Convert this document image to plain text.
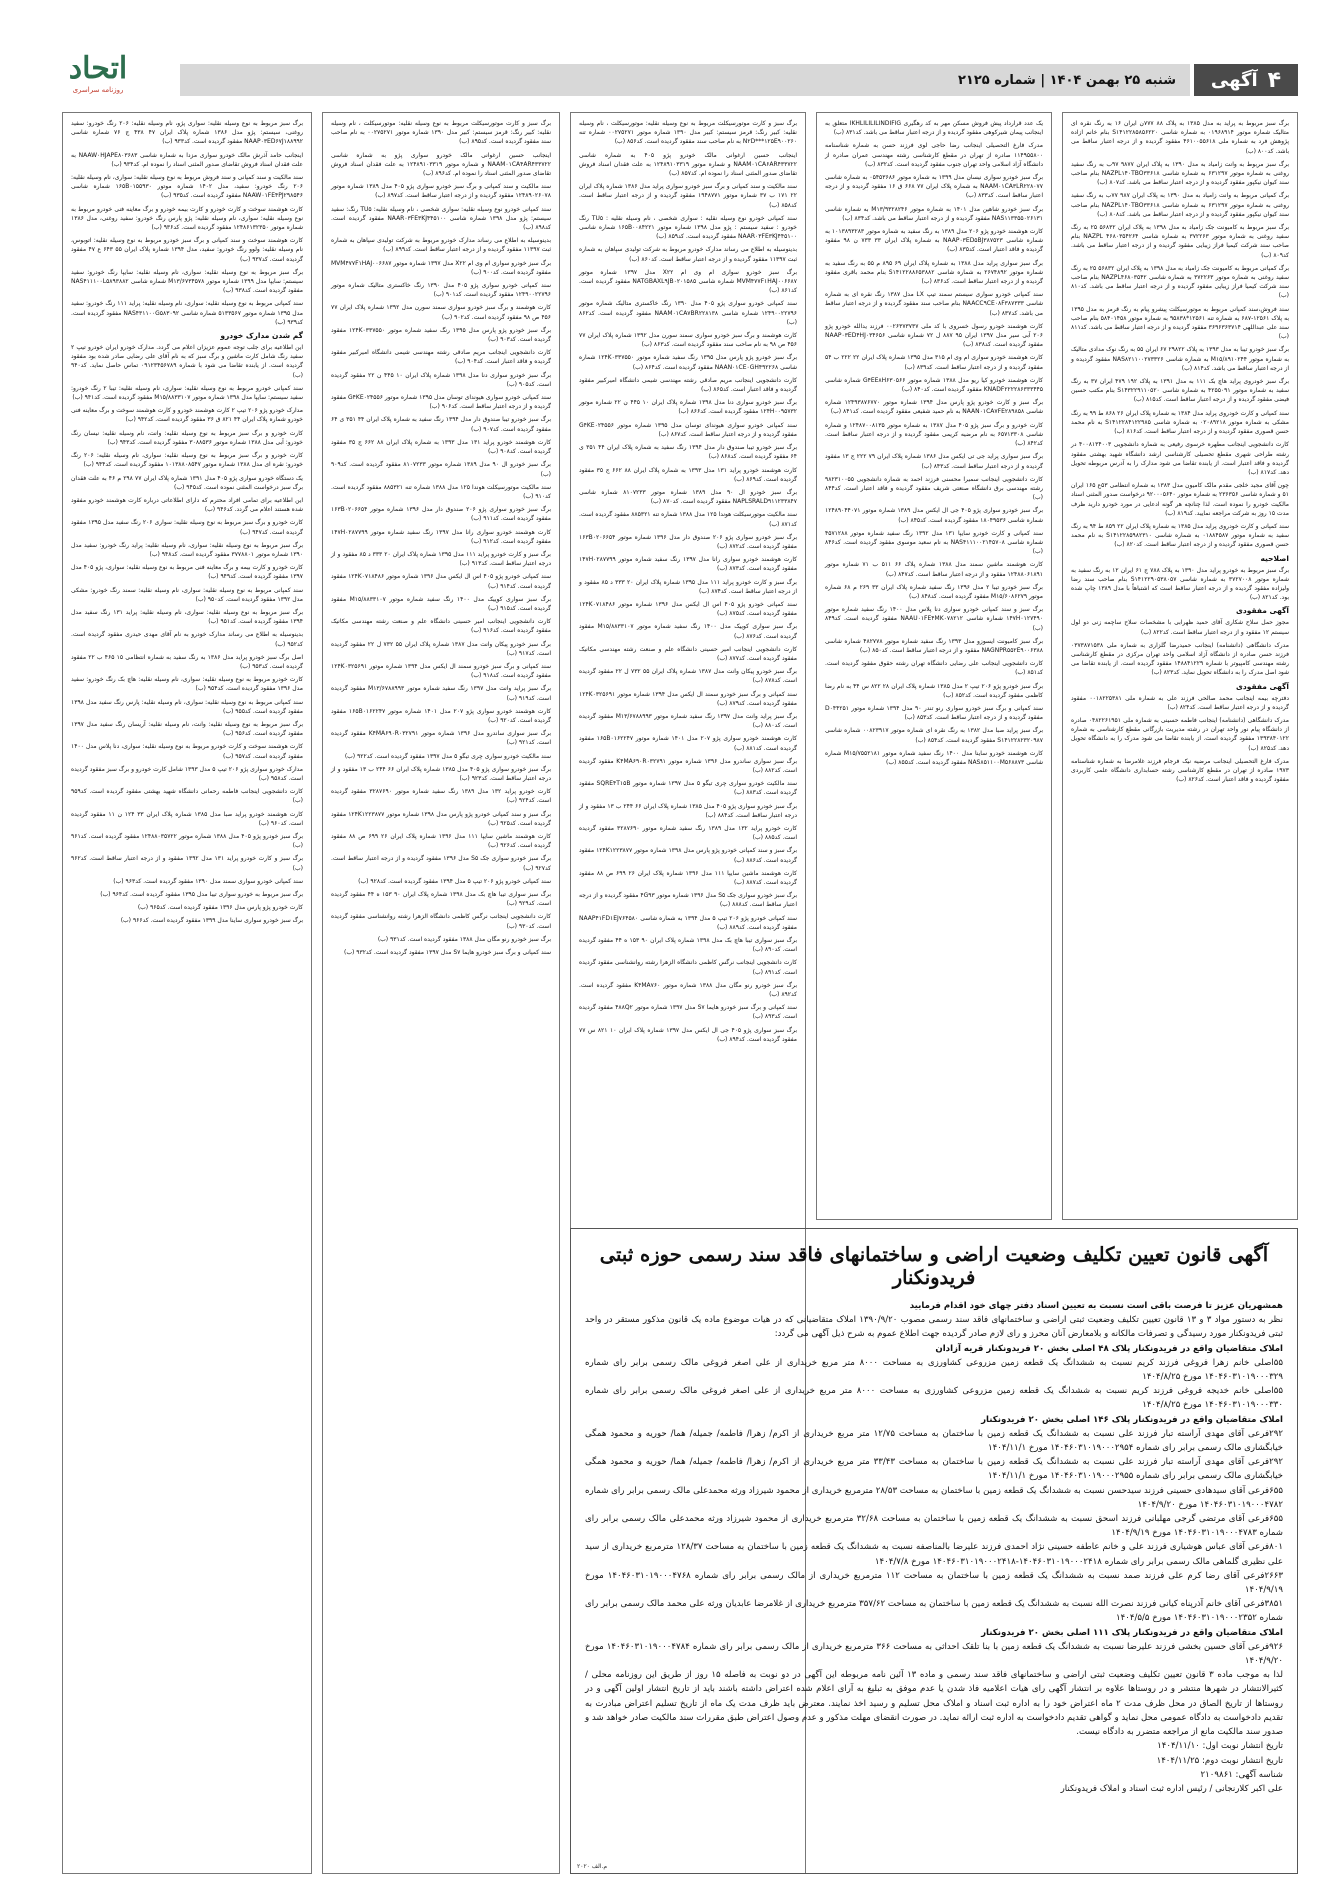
۴
آگهی
شنبه ۲۵ بهمن ۱۴۰۴ | شماره ۲۱۲۵
اتحاد
روزنامه سراسری

برگ سبز مربوط به پراید به مدل ۱۳۸۵ به پلاک ۸۸ ۷۷۷ن ایران ۱۶ به رنگ نقره ای متالیک شماره موتور ۰۱۹۶۸۹۱۴ به شماره شاسی S۱۴۱۲۲۸۵۸۵۶۲۲۰ بنام خانم ازاده پژوهش فرد به شماره ملی ۴۶۱۰۰۵۵۶۱۸ مفقود گردیده و از درجه اعتبار ساقط می باشد. کد۸۰۰ (ب)

برگ سبز مربوط به وانت زامیاد به مدل ۱۳۹۰ به پلاک ایران ۹۸۷۷ ۹۷ب به رنگ سفید روغنی به شماره موتور ۶۳۱۲۹۷ به شماره شاسی NAZPL۱۴۰TBO۳۳۶۱۸ بنام صاحب سند کیوان نیکپور مفقود گردیده و از درجه اعتبار ساقط می باشد. کد۸۰۷ (ب)

برگ کمپانی مربوط به وانت زامیاد به مدل ۱۳۹۰ به پلاک ایران ۹۸۷ ۷۷ب به رنگ سفید روغنی به شماره موتور ۶۳۱۲۹۷ به شماره شاسی NAZPL۱۴۰TBO۳۳۶۱۸ بنام صاحب سند کیوان نیکپور مفقود گردیده و از درجه اعتبار ساقط می باشد. کد۸۰۸ (ب)

برگ سبز مربوط به کامیونت جک زامیاد به مدل ۱۳۹۸ به پلاک ایران ۵۶۸۳۲ ۲۵ به رنگ سفید روغنی به شماره موتور ۳۷۲۲۶۳ به شماره شاسی ۴۶۸۰۳۵۴۲۶۴ NAZPL بنام صاحب سند شرکت کیمیا فراز زیبایی مفقود گردیده و از درجه اعتبار ساقط می باشد. کد۸۰۹ (ب)

برگ کمپانی مربوط به کامیونت جک زامیاد به مدل ۱۳۹۸ به پلاک ایران ۵۶۸۳۲ ۲۵ به رنگ سفید روغنی به شماره موتور ۳۷۲۲۶۳ به شماره شاسی NAZPL۴۶۸۰۳۵۴۲ بنام صاحب سند شرکت کیمیا فراز زیبایی مفقود گردیده و از درجه اعتبار ساقط می باشد. کد۸۱۰ (ب)

سند فروش،سند کمپانی مربوط به موتورسیکلت پیشرو پیام به رنگ قرمز به مدل ۱۳۹۵ به پلاک ۱۲۵۶۱-۶۸۷ به شماره تنه ۱۲۵۶۱*۹۵۸۳۸ به شماره موتور ۵۸۴۰۱۴۵۸ بنام صاحب سند علی عبداللهی ۳۶۹۶۳۶۳۷۱۴ مفقود گردیده و از درجه اعتبار ساقط می باشد. کد۸۱۱ (ب)

برگ سبز خودرو تیبا به مدل ۱۳۹۳ به پلاک ۲۹۸۲۲ ۶۷ ایران ۵۵ به رنگ نوک مدادی متالیک به شماره موتور M۱۵/۸۹۱۰۲۴۴ به شماره شاسی NAS۸۲۱۱۰۰۲۷۳۳۲۶ مفقود گردیده و از درجه اعتبار ساقط می باشد. کد۸۱۴ (ب)

برگ سبز خودروی پراید هاچ بک ۱۱۱ به مدل ۱۳۹۱ به پلاک ۱۹۲ ۴۷۹ ایران ۳۷ به رنگ سفید به شماره موتور ۴۲۵۵۰۹۱ به شماره شاسی S۱۴۳۲۲۹۱۱۰۵۲۰ بنام مکتب حسین فیضی مفقود گردیده و از درجه اعتبار ساقط است. کد۸۱۵ (ب)

سند کمپانی و کارت خودروی پراید مدل ۱۳۸۴ به شماره پلاک ایران ۲۶ ۸۶۸ ط ۹۹ به رنگ مشکی به شماره موتور ۰۲۰۸۹۲۱۸ به شماره شاسی S۱۴۱۲۲۸۴۱۲۲۹۸۵ به نام محمد حسن قصوری مفقود گردیده و از درجه اعتبار ساقط است. کد۸۱۶ (ب)

کارت دانشجویی اینجانب مطهره خرسوی رفیعی به شماره دانشجویی ۴۰۰۸۱۳۴۰۰۳ در رشته طراحی شهری مقطع تحصیلی کارشناسی ارشد دانشگاه شهید بهشتی مفقود گردیده و فاقد اعتبار است. از یابنده تقاضا می شود مدارک را به آدرس مربوطه تحویل دهد. کد۸۱۷ (ب)

چون آقای مجید خلجی مقدم مالک کامیون مدل ۱۳۸۳ به شماره انتظامی ۵۳ع ۱۶۵ ایران ۵۱ و شماره شاسی ۲۳۶۳۵۶ به شماره موتور ۹۲۰۰۰۵۶۴۰ درخواست صدور المثنی اسناد مالکیت خودرو را نموده است. لذا چنانچه هر گونه ادعایی در مورد خودرو دارید ظرف مدت ۱۵ روز به شرکت مراجعه نمایید. کد۸۱۹ (ب)

سند کمپانی و کارت خودروی پراید مدل ۱۳۸۵ به شماره پلاک ایران ۲۲ ۸۵۹ ط ۹۴ به رنگ سفید به شماره موتور ۰۱۸۸۴۵۸۷ به شماره شاسی S۱۴۱۲۲۸۵۹۸۲۳۱۰ به نام محمد حسن قصوری مفقود گردیده و از درجه اعتبار ساقط است. کد۸۲۰ (ب)

اصلاحیه

برگ سبز مربوط به خودرو پراید مدل ۱۳۹۰ به پلاک ۷۸۸ ج ۶۱ ایران ۱۲ به رنگ سفید به شماره موتور ۳۷۲۷۰۰۸ به شماره شاسی S۱۴۱۲۲۹۰۵۳۸۰۵۷ بنام صاحب سند رضا ولیزاده مفقود گردیده و از درجه اعتبار ساقط است که اشتباهاً با مدل ۱۳۸۹ چاپ شده بود. کد۸۲۱ (ب)

آگهی مفقودی

مجوز حمل سلاح شکاری آقای حمید ظهرابی با مشخصات سلاح ساچمه زنی دو لول سیستم ۱۲ مفقود و از درجه اعتبار ساقط است. کد۸۲۲ (ب)

مدرک دانشگاهی (دانشنامه) اینجانب حمیدرضا گلزاری به شماره ملی ۰۳۷۳۸۷۱۵۳۸ فرزند حسن صادره از دانشگاه آزاد اسلامی واحد تهران مرکزی در مقطع کارشناسی رشته مهندسی کامپیوتر با شماره ۱۴۸۸۴۱۲۲۹ مفقود گردیده است. از یابنده تقاضا می شود اصل مدرک را به دانشگاه تحویل نماید. کد۸۲۳ (ب)

آگهی مفقودی

دفترچه بیمه اینجانب محمد صالحی فرزند علی به شماره ملی ۰۰۱۸۲۲۵۳۸۱ مفقود گردیده و از درجه اعتبار ساقط است. کد۸۲۴ (ب)

مدرک دانشگاهی (دانشنامه) اینجانب فاطمه حسینی به شماره ملی ۰۴۸۲۲۶۱۹۵۱ صادره از دانشگاه پیام نور واحد تهران در رشته مدیریت بازرگانی مقطع کارشناسی به شماره ۱۳۹۳۸۴۰۱۲۲ مفقود گردیده است. از یابنده تقاضا می شود مدرک را به دانشگاه تحویل دهد. کد۸۲۵ (ب)

مدرک فارغ التحصیلی اینجانب مرضیه نیک فرجام فرزند غلامرضا به شماره شناسنامه ۱۹۷۳ صادره از تهران در مقطع کارشناسی رشته حسابداری دانشگاه علمی کاربردی مفقود گردیده و فاقد اعتبار است. کد۸۲۶ (ب)

یک عدد قرارداد پیش فروش مسکن مهر به کد رهگیری IKHLILILILINDIFIG متعلق به اینجانب پیمان شیرکوهی مفقود گردیده و از درجه اعتبار ساقط می باشد. کد۸۳۱ (ب)

مدرک فارغ التحصیلی اینجانب رضا حاجی لوی فرزند حسن به شماره شناسنامه ۱۱۴۹۵۵۸۰۰ صادره از تهران در مقطع کارشناسی رشته مهندسی عمران صادره از دانشگاه آزاد اسلامی واحد تهران جنوب مفقود گردیده است. کد۸۳۲ (ب)

برگ سبز خودرو سواری نیسان مدل ۱۳۹۹ به شماره موتور ۰۵۴۵۳۶۸۶ به شماره شاسی NAAM۰۱CA۳LR۲۲۸۰۷۷ به شماره پلاک ایران ۷۷ ۶۶۸ ق ۱۶ مفقود گردیده و از درجه اعتبار ساقط است. کد۸۳۳ (ب)

برگ سبز خودرو شاهین مدل ۱۴۰۱ به شماره موتور M۱۳/۹۳۲۸۲۴۶ به شماره شاسی NAS۱۱۳۳۵۵۰۲۶۱۳۱ مفقود گردیده و از درجه اعتبار ساقط می باشد. کد۸۳۴ (ب)

کارت هوشمند خودرو پژو ۲۰۶ مدل ۱۳۸۹ به رنگ سفید به شماره موتور ۱۰۱۳۸۹۳۲۸۳ به شماره شاسی NAAP۰۳ED۵BJ۳۸۷۵۲۳ به شماره پلاک ایران ۳۳ ۷۳۳ ن ۹۸ مفقود گردیده و فاقد اعتبار است. کد۸۳۵ (ب)

برگ سبز سواری پراید مدل ۱۳۸۸ به شماره پلاک ایران ۶۹ ۸۹۵ م ۵۵ به رنگ سفید به شماره موتور ۲۶۷۴۸۹۲ به شماره شاسی S۱۴۱۲۲۸۸۶۵۳۸۸۲ بنام محمد باقری مفقود گردیده و از درجه اعتبار ساقط است. کد۸۳۶ (ب)

سند کمپانی خودرو سواری سیستم سمند تیپ LX مدل ۱۳۸۷ رنگ نقره ای به شماره شاسی NAACC۹CE۰۸F۳۸۷۳۳۳ بنام صاحب سند مفقود گردیده و از درجه اعتبار ساقط می باشد. کد۸۳۷ (ب)

کارت هوشمند خودرو رسول خسروی با کد ملی ۰۰۲۶۳۷۳۷۳۷ فرزند یدالله خودرو پژو ۲۰۶ آبی سیر مدل ۱۳۹۷ ایران ۹۵ ۸۸۷ ل ۷۲ شماره شاسی NAAP۰۳ED۴HJ۰۳۴۶۵۶ مفقود گردیده است. کد۸۳۸ (ب)

کارت هوشمند خودرو سواری ام وی ام ۳۱۵ مدل ۱۳۹۵ شماره پلاک ایران ۲۲ ۲۲۲ ب ۵۴ مفقود گردیده و از درجه اعتبار ساقط است. کد۸۳۹ (ب)

کارت هوشمند خودرو کیا ریو مدل ۱۳۸۸ شماره موتور G۴EE۸H۶۳۰۵۶۶ شماره شاسی KNADF۲۲۲۲۸۶۳۳۳۴۴۵ مفقود گردیده است. کد۸۴۰ (ب)

برگ سبز و کارت خودرو پژو پارس مدل ۱۳۹۴ شماره موتور ۱۲۴۹۳۸۷۶۷۷۰ شماره شاسی NAAN۰۱CA۷FE۲۸۹۸۵۸ به نام حمید شفیعی مفقود گردیده است. کد۸۴۱ (ب)

کارت خودرو و برگ سبز پژو ۴۰۵ مدل ۱۳۸۷ به شماره موتور ۱۲۴۸۷۰۰۸۱۳۵ و شماره شاسی ۶۵۷۱۳۳۰۸ به نام مرضیه کریمی مفقود گردیده و از درجه اعتبار ساقط است. کد۸۴۲ (ب)

برگ سبز سواری پراید جی تی ایکس مدل ۱۳۸۶ شماره پلاک ایران ۷۹ ۲۲۲ ج ۱۳ مفقود گردیده و از درجه اعتبار ساقط است. کد۸۴۳ (ب)

کارت دانشجویی اینجانب سمیرا محسنی فرزند احمد به شماره دانشجویی ۹۸۲۳۱۰۰۵۵ رشته مهندسی برق دانشگاه صنعتی شریف مفقود گردیده و فاقد اعتبار است. کد۸۴۴ (ب)

برگ سبز خودرو سواری پژو ۴۰۵ جی ال ایکس مدل ۱۳۸۹ شماره موتور ۱۲۴۸۹۰۴۴۰۷۱ شماره شاسی ۱۸۰۴۹۵۳۶ مفقود گردیده است. کد۸۴۵ (ب)

سند کمپانی و کارت خودرو سایپا ۱۳۱ مدل ۱۳۹۲ رنگ سفید شماره موتور ۴۵۷۱۲۸۸ شماره شاسی NAS۴۱۱۱۰۰۲۱۴۵۷۰۸ به نام سعید موسوی مفقود گردیده است. کد۸۴۶ (ب)

کارت هوشمند ماشین سمند مدل ۱۳۸۸ شماره پلاک ۶۶ ۵۱۱ ب ۷۱ شماره موتور ۱۲۴۸۸۰۶۱۸۹۱ مفقود و از درجه اعتبار ساقط است. کد۸۴۷ (ب)

برگ سبز خودرو تیبا ۲ مدل ۱۳۹۶ رنگ سفید شماره پلاک ایران ۳۳ ۲۶۹ م ۶۸ شماره موتور M۱۵/۶۰۸۶۲۷۹ مفقود گردیده است. کد۸۴۸ (ب)

برگ سبز و سند کمپانی خودرو سواری دنا پلاس مدل ۱۴۰۰ رنگ سفید شماره موتور ۱۴۷H۰۱۲۷۴۹۰ شماره شاسی NAAU۰۱FE۴MK۰۷۸۲۱۲ مفقود گردیده است. کد۸۴۹ (ب)

برگ سبز کامیونت ایسوزو مدل ۱۳۹۳ رنگ سفید شماره موتور ۴۸۲۷۷۸ شماره شاسی NAGNPR۵۵۲E۹۰۰۶۳۸۸ مفقود و از درجه اعتبار ساقط است. کد۸۵۰ (ب)

کارت دانشجویی اینجانب علی رضایی دانشگاه تهران رشته حقوق مفقود گردیده است. کد۸۵۱ (ب)

برگ سبز خودرو پژو ۲۰۶ تیپ ۲ مدل ۱۳۸۵ شماره پلاک ایران ۲۸ ۸۲۲ س ۴۴ به نام رضا کاظمی مفقود گردیده است. کد۸۵۲ (ب)

سند کمپانی و برگ سبز خودرو سواری رنو تندر ۹۰ مدل ۱۳۹۴ شماره موتور D۰۴۴۲۵۱ مفقود گردیده و از درجه اعتبار ساقط است. کد۸۵۳ (ب)

برگ سبز پراید صبا مدل ۱۳۸۲ به رنگ نقره ای شماره موتور ۰۰۸۲۳۹۱۷ شماره شاسی S۱۴۱۲۲۸۲۳۲۰۹۸۷ مفقود گردیده است. کد۸۵۴ (ب)

کارت هوشمند خودرو ساینا مدل ۱۴۰۰ رنگ سفید شماره موتور M۱۵/۷۵۵۲۱۸۱ شماره شاسی NAS۸۵۱۱۰۰M۵۶۸۸۷۳ مفقود گردیده است. کد۸۵۵ (ب)

برگ سبز و کارت موتورسیکلت مربوط به نوع وسیله نقلیه: موتورسیکلت ، نام وسیله نقلیه: کبیر رنگ: قرمز سیستم: کبیر مدل ۱۳۹۰ شماره موتور ۰۰۲۷۵۲۷۱ شماره تنه N۲D***۱۲۵E۹۰۰۲۶۰ به نام صاحب سند مفقود گردیده است. کد۸۵۶ (ب)

اینجانب حسین ارغوانی مالک خودرو پژو ۴۰۵ به شماره شاسی NAAM۰۱CA۶AR۴۳۳۷۲۲ و شماره موتور ۱۲۴۸۹۱۰۳۳۱۹ به علت فقدان اسناد فروش تقاضای صدور المثنی اسناد را نموده ام. کد۸۵۷ (ب)

سند مالکیت و سند کمپانی و برگ سبز خودرو سواری پراید مدل ۱۳۸۶ شماره پلاک ایران ۲۲ ۱۷۱ ب ۳۷ شماره موتور ۱۹۴۸۷۷۱ مفقود گردیده و از درجه اعتبار ساقط است. کد۸۵۸ (ب)

سند کمپانی خودرو نوع وسیله نقلیه : سواری شخصی ، نام وسیله نقلیه : TU۵ رنگ خودرو : سفید سیستم : پژو مدل ۱۳۹۸ شماره موتور ۱۶۵B۰۰۸۴۲۲۱ شماره شاسی NAAR۰۳FE۳KJ۴۴۵۱۰۰ مفقود گردیده است. کد۸۵۹ (ب)

بدینوسیله به اطلاع می رساند مدارک خودرو مربوط به شرکت تولیدی سپاهان به شماره ثبت ۱۱۳۹۷ مفقود گردیده و از درجه اعتبار ساقط است. کد۸۶۰ (ب)

برگ سبز خودرو سواری ام وی ام X۲۲ مدل ۱۳۹۷ شماره موتور MVM۴۷۷F۱HAJ۰۰۶۶۸۷ شماره شاسی NATGBAXL۹JB۰۲۰۱۵۸۵ مفقود گردیده است. کد۸۶۱ (ب)

سند کمپانی خودرو سواری پژو ۴۰۵ مدل ۱۳۹۰ رنگ خاکستری متالیک شماره موتور ۱۲۴۹۰۰۲۲۷۹۶ شماره شاسی NAAM۰۱CA۷BR۲۲۸۱۳۸ مفقود گردیده است. کد۸۶۲ (ب)

کارت هوشمند و برگ سبز خودرو سواری سمند سورن مدل ۱۳۹۲ شماره پلاک ایران ۷۷ ۴۵۶ ص ۹۸ به نام صاحب سند مفقود گردیده است. کد۸۶۳ (ب)

برگ سبز خودرو پژو پارس مدل ۱۳۹۵ رنگ سفید شماره موتور ۱۲۴K۰۳۳۷۵۵۰ شماره شاسی NAAN۰۱CE۰GH۴۹۲۲۶۸ مفقود گردیده است. کد۸۶۴ (ب)

کارت دانشجویی اینجانب مریم صادقی رشته مهندسی شیمی دانشگاه امیرکبیر مفقود گردیده و فاقد اعتبار است. کد۸۶۵ (ب)

برگ سبز خودرو سواری دنا مدل ۱۳۹۸ شماره پلاک ایران ۱۰ ۴۴۵ ن ۲۲ شماره موتور ۱۲۴H۰۰۹۵۷۳۲ مفقود گردیده است. کد۸۶۶ (ب)

سند کمپانی خودرو سواری هیوندای توسان مدل ۱۳۹۵ شماره موتور G۴KE۰۲۴۵۵۶ مفقود گردیده و از درجه اعتبار ساقط است. کد۸۶۷ (ب)

برگ سبز خودرو تیبا صندوق دار مدل ۱۳۹۴ رنگ سفید به شماره پلاک ایران ۴۴ ۳۵۱ ی ۶۴ مفقود گردیده است. کد۸۶۸ (ب)

کارت هوشمند خودرو پراید ۱۳۱ مدل ۱۳۹۳ به شماره پلاک ایران ۸۸ ۶۶۲ ج ۳۵ مفقود گردیده است. کد۸۶۹ (ب)

برگ سبز خودرو ال ۹۰ مدل ۱۳۸۹ شماره موتور ۸۱۰۷۲۳۳ شماره شاسی NAPLSRALD۹۱۱۲۳۳۸۴۷ مفقود گردیده است. کد۸۷۰ (ب)

سند مالکیت موتورسیکلت هوندا ۱۲۵ مدل ۱۳۸۸ شماره تنه ۸۸۵۳۲۱ مفقود گردیده است. کد۸۷۱ (ب)

برگ سبز خودرو سواری پژو ۲۰۶ صندوق دار مدل ۱۳۹۶ شماره موتور ۱۶۳B۰۲۰۶۶۵۴ مفقود گردیده است. کد۸۷۲ (ب)

کارت هوشمند خودرو سواری رانا مدل ۱۳۹۷ رنگ سفید شماره موتور ۱۴۷H۰۲۸۷۷۹۹ مفقود گردیده است. کد۸۷۳ (ب)

برگ سبز و کارت خودرو پراید ۱۱۱ مدل ۱۳۹۵ شماره پلاک ایران ۲۰ ۳۳۳ د ۸۵ مفقود و از درجه اعتبار ساقط است. کد۸۷۴ (ب)

سند کمپانی خودرو پژو ۴۰۵ اس ال ایکس مدل ۱۳۹۶ شماره موتور ۱۲۴K۰۷۱۸۴۸۶ مفقود گردیده است. کد۸۷۵ (ب)

برگ سبز سواری کوییک مدل ۱۴۰۰ رنگ سفید شماره موتور M۱۵/۸۸۳۳۱۰۷ مفقود گردیده است. کد۸۷۶ (ب)

کارت دانشجویی اینجانب امیر حسینی دانشگاه علم و صنعت رشته مهندسی مکانیک مفقود گردیده است. کد۸۷۷ (ب)

برگ سبز خودرو پیکان وانت مدل ۱۳۸۷ شماره پلاک ایران ۵۵ ۷۳۲ ل ۲۲ مفقود گردیده است. کد۸۷۸ (ب)

سند کمپانی و برگ سبز خودرو سمند ال ایکس مدل ۱۳۹۴ شماره موتور ۱۲۴K۰۳۲۵۶۹۱ مفقود گردیده است. کد۸۷۹ (ب)

برگ سبز پراید وانت مدل ۱۳۹۷ رنگ سفید شماره موتور M۱۳/۶۷۸۸۹۹۳ مفقود گردیده است. کد۸۸۰ (ب)

کارت هوشمند خودرو سواری پژو ۲۰۷ مدل ۱۴۰۱ شماره موتور ۱۶۵B۰۱۶۲۲۴۷ مفقود گردیده است. کد۸۸۱ (ب)

برگ سبز سواری ساندرو مدل ۱۳۹۶ شماره موتور K۴MA۶۹۰R۰۳۲۷۹۱ مفقود گردیده است. کد۸۸۲ (ب)

سند مالکیت خودرو سواری چری تیگو ۵ مدل ۱۳۹۷ شماره موتور SQRE۴T۱۵B مفقود گردیده است. کد۸۸۳ (ب)

برگ سبز خودرو سواری پژو ۴۰۵ مدل ۱۳۸۵ شماره پلاک ایران ۶۶ ۲۴۴ ب ۱۳ مفقود و از درجه اعتبار ساقط است. کد۸۸۴ (ب)

کارت خودرو پراید ۱۳۲ مدل ۱۳۸۹ رنگ سفید شماره موتور ۳۲۸۷۶۹۰ مفقود گردیده است. کد۸۸۵ (ب)

برگ سبز و سند کمپانی خودرو پژو پارس مدل ۱۳۹۸ شماره موتور ۱۲۴K۱۲۲۳۸۷۷ مفقود گردیده است. کد۸۸۶ (ب)

کارت هوشمند ماشین سایپا ۱۱۱ مدل ۱۳۹۶ شماره پلاک ایران ۲۶ ۶۹۹ ص ۸۸ مفقود گردیده است. کد۸۸۷ (ب)

برگ سبز خودرو سواری جک S۵ مدل ۱۳۹۶ شماره موتور ۴G۹۳ مفقود گردیده و از درجه اعتبار ساقط است. کد۸۸۸ (ب)

سند کمپانی خودرو پژو ۲۰۶ تیپ ۵ مدل ۱۳۹۴ به شماره شاسی NAAP۴۱FD۱EJ۷۶۴۵۸۰ مفقود گردیده است. کد۸۸۹ (ب)

برگ سبز سواری تیبا هاچ بک مدل ۱۳۹۸ شماره پلاک ایران ۹۰ ۱۵۳ ه ۴۴ مفقود گردیده است. کد۸۹۰ (ب)

کارت دانشجویی اینجانب نرگس کاظمی دانشگاه الزهرا رشته روانشناسی مفقود گردیده است. کد۸۹۱ (ب)

برگ سبز خودرو رنو مگان مدل ۱۳۸۸ شماره موتور K۴MA۷۶۰ مفقود گردیده است. کد۸۹۲ (ب)

سند کمپانی و برگ سبز خودرو هایما S۷ مدل ۱۳۹۷ شماره موتور ۴۸۸Q۲ مفقود گردیده است. کد۸۹۳ (ب)

برگ سبز سواری پژو ۴۰۵ جی ال ایکس مدل ۱۳۹۷ شماره پلاک ایران ۱۰ ۸۲۱ س ۷۷ مفقود گردیده است. کد۸۹۴ (ب)

برگ سبز و کارت موتورسیکلت مربوط به نوع وسیله نقلیه: موتورسیکلت ، نام وسیله نقلیه: کبیر رنگ: قرمز سیستم: کبیر مدل ۱۳۹۰ شماره موتور ۰۰۲۷۵۲۷۱ به نام صاحب سند مفقود گردیده است. کد۸۹۵ (ب)

اینجانب حسین ارغوانی مالک خودرو سواری پژو به شماره شاسی NAAM۰۱CA۴AR۴۳۳۷۲۲ و شماره موتور ۱۲۴۸۹۱۰۳۳۱۹ به علت فقدان اسناد فروش تقاضای صدور المثنی اسناد را نموده ام. کد۸۹۶ (ب)

سند مالکیت و سند کمپانی و برگ سبز خودرو سواری پژو ۴۰۵ مدل ۱۳۸۹ شماره موتور ۱۲۴۸۹۰۲۶۰۷۸ مفقود گردیده و از درجه اعتبار ساقط است. کد۸۹۷ (ب)

سند کمپانی خودرو نوع وسیله نقلیه: سواری شخصی ، نام وسیله نقلیه: TU۵ رنگ: سفید سیستم: پژو مدل ۱۳۹۸ شماره شاسی NAAR۰۳FE۳KJ۴۴۵۱۰۰ مفقود گردیده است. کد۸۹۸ (ب)

بدینوسیله به اطلاع می رساند مدارک خودرو مربوط به شرکت تولیدی سپاهان به شماره ثبت ۱۱۳۹۷ مفقود گردیده و از درجه اعتبار ساقط است. کد۸۹۹ (ب)

برگ سبز خودرو سواری ام وی ام X۲۲ مدل ۱۳۹۷ شماره موتور MVM۴۷۷F۱HAJ۰۰۶۶۸۷ مفقود گردیده است. کد۹۰۰ (ب)

سند کمپانی خودرو سواری پژو ۴۰۵ مدل ۱۳۹۰ رنگ خاکستری متالیک شماره موتور ۱۲۴۹۰۰۲۲۷۹۶ مفقود گردیده است. کد۹۰۱ (ب)

کارت هوشمند و برگ سبز خودرو سواری سمند سورن مدل ۱۳۹۲ شماره پلاک ایران ۷۷ ۴۵۶ ص ۹۸ مفقود گردیده است. کد۹۰۲ (ب)

برگ سبز خودرو پژو پارس مدل ۱۳۹۵ رنگ سفید شماره موتور ۱۲۴K۰۳۳۷۵۵۰ مفقود گردیده است. کد۹۰۳ (ب)

کارت دانشجویی اینجانب مریم صادقی رشته مهندسی شیمی دانشگاه امیرکبیر مفقود گردیده و فاقد اعتبار است. کد۹۰۴ (ب)

برگ سبز خودرو سواری دنا مدل ۱۳۹۸ شماره پلاک ایران ۱۰ ۴۴۵ ن ۲۲ مفقود گردیده است. کد۹۰۵ (ب)

سند کمپانی خودرو سواری هیوندای توسان مدل ۱۳۹۵ شماره موتور G۴KE۰۲۴۵۵۶ مفقود گردیده و از درجه اعتبار ساقط است. کد۹۰۶ (ب)

برگ سبز خودرو تیبا صندوق دار مدل ۱۳۹۴ رنگ سفید به شماره پلاک ایران ۴۴ ۳۵۱ ی ۶۴ مفقود گردیده است. کد۹۰۷ (ب)

کارت هوشمند خودرو پراید ۱۳۱ مدل ۱۳۹۳ به شماره پلاک ایران ۸۸ ۶۶۲ ج ۳۵ مفقود گردیده است. کد۹۰۸ (ب)

برگ سبز خودرو ال ۹۰ مدل ۱۳۸۹ شماره موتور ۸۱۰۷۲۳۳ مفقود گردیده است. کد۹۰۹ (ب)

سند مالکیت موتورسیکلت هوندا ۱۲۵ مدل ۱۳۸۸ شماره تنه ۸۸۵۳۲۱ مفقود گردیده است. کد۹۱۰ (ب)

برگ سبز خودرو سواری پژو ۲۰۶ صندوق دار مدل ۱۳۹۶ شماره موتور ۱۶۳B۰۲۰۶۶۵۴ مفقود گردیده است. کد۹۱۱ (ب)

کارت هوشمند خودرو سواری رانا مدل ۱۳۹۷ رنگ سفید شماره موتور ۱۴۷H۰۲۸۷۷۹۹ مفقود گردیده است. کد۹۱۲ (ب)

برگ سبز و کارت خودرو پراید ۱۱۱ مدل ۱۳۹۵ شماره پلاک ایران ۲۰ ۳۳۳ د ۸۵ مفقود و از درجه اعتبار ساقط است. کد۹۱۳ (ب)

سند کمپانی خودرو پژو ۴۰۵ اس ال ایکس مدل ۱۳۹۶ شماره موتور ۱۲۴K۰۷۱۸۴۸۶ مفقود گردیده است. کد۹۱۴ (ب)

برگ سبز سواری کوییک مدل ۱۴۰۰ رنگ سفید شماره موتور M۱۵/۸۸۳۳۱۰۷ مفقود گردیده است. کد۹۱۵ (ب)

کارت دانشجویی اینجانب امیر حسینی دانشگاه علم و صنعت رشته مهندسی مکانیک مفقود گردیده است. کد۹۱۶ (ب)

برگ سبز خودرو پیکان وانت مدل ۱۳۸۷ شماره پلاک ایران ۵۵ ۷۳۲ ل ۲۲ مفقود گردیده است. کد۹۱۷ (ب)

سند کمپانی و برگ سبز خودرو سمند ال ایکس مدل ۱۳۹۴ شماره موتور ۱۲۴K۰۳۲۵۶۹۱ مفقود گردیده است. کد۹۱۸ (ب)

برگ سبز پراید وانت مدل ۱۳۹۷ رنگ سفید شماره موتور M۱۳/۶۷۸۸۹۹۳ مفقود گردیده است. کد۹۱۹ (ب)

کارت هوشمند خودرو سواری پژو ۲۰۷ مدل ۱۴۰۱ شماره موتور ۱۶۵B۰۱۶۲۲۴۷ مفقود گردیده است. کد۹۲۰ (ب)

برگ سبز سواری ساندرو مدل ۱۳۹۶ شماره موتور K۴MA۶۹۰R۰۳۲۷۹۱ مفقود گردیده است. کد۹۲۱ (ب)

سند مالکیت خودرو سواری چری تیگو ۵ مدل ۱۳۹۷ مفقود گردیده است. کد۹۲۲ (ب)

برگ سبز خودرو سواری پژو ۴۰۵ مدل ۱۳۸۵ شماره پلاک ایران ۶۶ ۲۴۴ ب ۱۳ مفقود و از درجه اعتبار ساقط است. کد۹۲۳ (ب)

کارت خودرو پراید ۱۳۲ مدل ۱۳۸۹ رنگ سفید شماره موتور ۳۲۸۷۶۹۰ مفقود گردیده است. کد۹۲۴ (ب)

برگ سبز و سند کمپانی خودرو پژو پارس مدل ۱۳۹۸ شماره موتور ۱۲۴K۱۲۲۳۸۷۷ مفقود گردیده است. کد۹۲۵ (ب)

کارت هوشمند ماشین سایپا ۱۱۱ مدل ۱۳۹۶ شماره پلاک ایران ۲۶ ۶۹۹ ص ۸۸ مفقود گردیده است. کد۹۲۶ (ب)

برگ سبز خودرو سواری جک S۵ مدل ۱۳۹۶ مفقود گردیده و از درجه اعتبار ساقط است. کد۹۲۷ (ب)

سند کمپانی خودرو پژو ۲۰۶ تیپ ۵ مدل ۱۳۹۴ مفقود گردیده است. کد۹۲۸ (ب)

برگ سبز سواری تیبا هاچ بک مدل ۱۳۹۸ شماره پلاک ایران ۹۰ ۱۵۳ ه ۴۴ مفقود گردیده است. کد۹۲۹ (ب)

کارت دانشجویی اینجانب نرگس کاظمی دانشگاه الزهرا رشته روانشناسی مفقود گردیده است. کد۹۳۰ (ب)

برگ سبز خودرو رنو مگان مدل ۱۳۸۸ مفقود گردیده است. کد۹۳۱ (ب)

سند کمپانی و برگ سبز خودرو هایما S۷ مدل ۱۳۹۷ مفقود گردیده است. کد۹۳۲ (ب)

برگ سبز مربوط به نوع وسیله نقلیه: سواری پژو، نام وسیله نقلیه: ۲۰۶ رنگ خودرو: سفید روغنی، سیستم: پژو مدل ۱۳۸۶ شماره پلاک ایران ۴۷ ۴۳۸ ج ۷۶ شماره شاسی NAAP۰۳ED۶۷J۱۸۸۹۹۲ مفقود گردیده است. کد۹۳۳ (ب)

اینجانب حامد آذرش مالک خودرو سواری مزدا به شماره شاسی NAAW۰HJAPE۸۰۳۶۸۳ به علت فقدان اسناد فروش تقاضای صدور المثنی اسناد را نموده ام. کد۹۳۴ (ب)

سند مالکیت و سند کمپانی و سند فروش مربوط به نوع وسیله نقلیه: سواری، نام وسیله نقلیه: ۲۰۶ رنگ خودرو: سفید، مدل ۱۴۰۲ شماره موتور ۱۶۵B۰۱۵۵۹۳۰ شماره شاسی NAAW۰۱FE۴PJ۲۹۸۵۴۶ مفقود گردیده است. کد۹۳۵ (ب)

کارت هوشمند سوخت و کارت خودرو و کارت بیمه خودرو و برگ معاینه فنی خودرو مربوط به نوع وسیله نقلیه: سواری، نام وسیله نقلیه: پژو پارس رنگ خودرو: سفید روغنی، مدل ۱۳۸۶ شماره موتور ۱۲۴۸۶۱۳۲۳۵۰ مفقود گردیده است. کد۹۳۶ (ب)

کارت هوشمند سوخت و سند کمپانی و برگ سبز خودرو مربوط به نوع وسیله نقلیه: اتوبوس، نام وسیله نقلیه: ولوو رنگ خودرو: سفید، مدل ۱۳۹۴ شماره پلاک ایران ۵۵ ۶۴۳ ع ۴۷ مفقود گردیده است. کد۹۳۷ (ب)

برگ سبز مربوط به نوع وسیله نقلیه: سواری، نام وسیله نقلیه: سایپا رنگ خودرو: سفید سیستم: سایپا مدل ۱۳۹۹ شماره موتور M۱۳/۶۷۳۴۵۷۸ شماره شاسی NAS۴۱۱۱۰۰L۵۸۹۳۸۸۲ مفقود گردیده است. کد۹۳۸ (ب)

سند کمپانی مربوط به نوع وسیله نقلیه: سواری، نام وسیله نقلیه: پراید ۱۱۱ رنگ خودرو: سفید مدل ۱۳۹۵ شماره موتور ۵۱۳۳۵۶۷ شماره شاسی NAS۴۳۱۱۰۰G۵۸۳۰۹۲ مفقود گردیده است. کد۹۳۹ (ب)

گم شدن مدارک خودرو

این اطلاعیه برای جلب توجه عموم عزیزان اعلام می گردد. مدارک خودرو ایران خودرو تیپ ۲ سفید رنگ شامل کارت ماشین و برگ سبز که به نام آقای علی رضایی صادر شده بود مفقود گردیده است. از یابنده تقاضا می شود با شماره ۰۹۱۲۳۴۵۶۷۸۹ تماس حاصل نماید. کد۹۴۰ (ب)

سند کمپانی خودرو مربوط به نوع وسیله نقلیه: سواری، نام وسیله نقلیه: تیبا ۲ رنگ خودرو: سفید سیستم: سایپا مدل ۱۳۹۸ شماره موتور M۱۵/۸۸۳۳۱۰۷ مفقود گردیده است. کد۹۴۱ (ب)

مدارک خودرو پژو ۲۰۶ تیپ ۲ کارت هوشمند خودرو و کارت هوشمند سوخت و برگ معاینه فنی خودرو شماره پلاک ایران ۴۴ ۸۲۱ ق ۳۶ مفقود گردیده است. کد۹۴۲ (ب)

کارت خودرو و برگ سبز مربوط به نوع وسیله نقلیه: وانت، نام وسیله نقلیه: نیسان رنگ خودرو: آبی مدل ۱۳۸۸ شماره موتور ۳۰۸۸۵۳۶ مفقود گردیده است. کد۹۴۳ (ب)

کارت خودرو و برگ سبز مربوط به نوع وسیله نقلیه: سواری، نام وسیله نقلیه: ۲۰۶ رنگ خودرو: نقره ای مدل ۱۳۸۸ شماره موتور ۱۰۱۳۸۸۰۸۵۴۷ مفقود گردیده است. کد۹۴۴ (ب)

یک دستگاه خودرو سواری پژو ۴۰۵ مدل ۱۳۹۱ شماره پلاک ایران ۷۷ ۲۹۸ م ۴۶ به علت فقدان برگ سبز درخواست المثنی نموده است. کد۹۴۵ (ب)

این اطلاعیه برای تمامی افراد محترم که دارای اطلاعاتی درباره کارت هوشمند خودرو مفقود شده هستند اعلام می گردد. کد۹۴۶ (ب)

کارت خودرو و برگ سبز مربوط به نوع وسیله نقلیه: سواری ۲۰۶ رنگ سفید مدل ۱۳۹۵ مفقود گردیده است. کد۹۴۷ (ب)

برگ سبز مربوط به نوع وسیله نقلیه: سواری، نام وسیله نقلیه: پراید رنگ خودرو: سفید مدل ۱۳۹۰ شماره موتور ۳۷۷۸۸۰۱ مفقود گردیده است. کد۹۴۸ (ب)

کارت خودرو و کارت بیمه و برگ معاینه فنی مربوط به نوع وسیله نقلیه: سواری، پژو ۴۰۵ مدل ۱۳۹۷ مفقود گردیده است. کد۹۴۹ (ب)

سند کمپانی مربوط به نوع وسیله نقلیه: سواری، نام وسیله نقلیه: سمند رنگ خودرو: مشکی مدل ۱۳۹۲ مفقود گردیده است. کد۹۵۰ (ب)

برگ سبز مربوط به نوع وسیله نقلیه: سواری، نام وسیله نقلیه: پراید ۱۳۱ رنگ سفید مدل ۱۳۹۴ مفقود گردیده است. کد۹۵۱ (ب)

بدینوسیله به اطلاع می رساند مدارک خودرو به نام آقای مهدی حیدری مفقود گردیده است. کد۹۵۲ (ب)

اصل برگ سبز خودرو پراید مدل ۱۳۸۶ به رنگ سفید به شماره انتظامی ۱۵ ۴۶۵ ب ۲۲ مفقود گردیده است. کد۹۵۳ (ب)

کارت خودرو مربوط به نوع وسیله نقلیه: سواری، نام وسیله نقلیه: هاچ بک رنگ خودرو: سفید مدل ۱۳۹۶ مفقود گردیده است. کد۹۵۴ (ب)

سند کمپانی مربوط به نوع وسیله نقلیه: سواری، نام وسیله نقلیه: پارس رنگ سفید مدل ۱۳۹۸ مفقود گردیده است. کد۹۵۵ (ب)

برگ سبز مربوط به نوع وسیله نقلیه: وانت، نام وسیله نقلیه: آریسان رنگ سفید مدل ۱۳۹۷ مفقود گردیده است. کد۹۵۶ (ب)

کارت هوشمند سوخت و کارت خودرو مربوط به نوع وسیله نقلیه: سواری، دنا پلاس مدل ۱۴۰۰ مفقود گردیده است. کد۹۵۷ (ب)

مدارک خودرو سواری پژو ۲۰۶ تیپ ۵ مدل ۱۳۹۳ شامل کارت خودرو و برگ سبز مفقود گردیده است. کد۹۵۸ (ب)

کارت دانشجویی اینجانب فاطمه رحمانی دانشگاه شهید بهشتی مفقود گردیده است. کد۹۵۹ (ب)

کارت هوشمند خودرو پراید صبا مدل ۱۳۸۵ شماره پلاک ایران ۳۳ ۱۲۴ ن ۱۱ مفقود گردیده است. کد۹۶۰ (ب)

برگ سبز خودرو پژو ۴۰۵ مدل ۱۳۸۸ شماره موتور ۱۲۴۸۸۰۳۵۷۲۲ مفقود گردیده است. کد۹۶۱ (ب)

برگ سبز و کارت خودرو پراید ۱۳۱ مدل ۱۳۹۲ مفقود و از درجه اعتبار ساقط است. کد۹۶۲ (ب)

سند کمپانی خودرو سواری سمند مدل ۱۳۹۰ مفقود گردیده است. کد۹۶۳ (ب)

برگ سبز مربوط به خودرو سواری تیبا مدل ۱۳۹۵ مفقود گردیده است. کد۹۶۴ (ب)

کارت خودرو پژو پارس مدل ۱۳۹۶ مفقود گردیده است. کد۹۶۵ (ب)

برگ سبز خودرو سواری ساینا مدل ۱۳۹۹ مفقود گردیده است. کد۹۶۶ (ب)

آگهی قانون تعیین تکلیف وضعیت اراضی و ساختمانهای فاقد سند رسمی حوزه ثبتی فریدونکنار

همشهریان عزیز تا فرصت باقی است نسبت به تعیین اسناد دفتر چهای خود اقدام فرمایید

نظر به دستور مواد ۳ و ۱۳ قانون تعیین تکلیف وضعیت ثبتی اراضی و ساختمانهای فاقد سند رسمی مصوب ۱۳۹۰/۹/۲۰ املاک متقاضیانی که در هیات موضوع ماده یک قانون مذکور مستقر در واحد ثبتی فریدونکنار مورد رسیدگی و تصرفات مالکانه و بلامعارض آنان محرز و رای لازم صادر گردیده جهت اطلاع عموم به شرح ذیل آگهی می گردد:

املاک متقاضیان واقع در فریدونکنار پلاک ۴۸ اصلی بخش ۲۰ فریدونکنار قریه آزادان

۵۵اصلی خانم زهرا فروغی فرزند کریم نسبت به ششدانگ یک قطعه زمین مزروعی کشاورزی به مساحت ۸۰۰۰ متر مربع خریداری از علی اصغر فروغی مالک رسمی برابر رای شماره ۱۴۰۴۶۰۳۱۰۱۹۰۰۰۳۲۹ مورخ ۱۴۰۴/۸/۲۵

۵۵اصلی خانم خدیجه فروغی فرزند کریم نسبت به ششدانگ یک قطعه زمین مزروعی کشاورزی به مساحت ۸۰۰۰ متر مربع خریداری از علی اصغر فروغی مالک رسمی برابر رای شماره ۱۴۰۴۶۰۳۱۰۱۹۰۰۰۳۳۰ مورخ ۱۴۰۴/۸/۲۵

املاک متقاضیان واقع در فریدونکنار پلاک ۱۴۶ اصلی بخش ۲۰ فریدونکنار

۲۹۲فرعی آقای مهدی آراسته تبار فرزند علی نسبت به ششدانگ یک قطعه زمین با ساختمان به مساحت ۱۲/۷۵ متر مربع خریداری از اکرم/ زهرا/ فاطمه/ جمیله/ هما/ حوریه و محمود همگی خیابگشاری مالک رسمی برابر رای شماره ۱۴۰۴۶۰۳۱۰۱۹۰۰۰۲۹۵۴ مورخ ۱۴۰۴/۱۱/۱

۲۹۲فرعی آقای مهدی آراسته تبار فرزند علی نسبت به ششدانگ یک قطعه زمین با ساختمان به مساحت ۳۳/۴۳ متر مربع خریداری از اکرم/ زهرا/ فاطمه/ جمیله/ هما/ حوریه و محمود همگی خیابگشاری مالک رسمی برابر رای شماره ۱۴۰۴۶۰۳۱۰۱۹۰۰۰۲۹۵۵ مورخ ۱۴۰۴/۱۱/۱

۶۵۵فرعی آقای سیدهادی حسینی فرزند سیدحسن نسبت به ششدانگ یک قطعه زمین با ساختمان به مساحت ۲۸/۵۳ مترمربع خریداری از محمود شیرزاد ورثه محمدعلی مالک رسمی برابر رای شماره ۱۴۰۴۶۰۳۱۰۱۹۰۰۰۴۷۸۲ مورخ ۱۴۰۴/۹/۲۰

۶۵۵فرعی آقای مرتضی گرجی مهلبانی فرزند اسحق نسبت به ششدانگ یک قطعه زمین با ساختمان به مساحت ۳۲/۶۸ مترمربع خریداری از محمود شیرزاد ورثه محمدعلی مالک رسمی برابر رای شماره ۱۴۰۴۶۰۳۱۰۱۹۰۰۰۴۷۸۳ مورخ ۱۴۰۴/۹/۱۹

۸۰۱فرعی آقای عباس هوشیاری فرزند علی و خانم عاطفه حسینی نژاد احمدی فرزند علیرضا بالمناصفه نسبت به ششدانگ یک قطعه زمین با ساختمان به مساحت ۱۲۸/۳۷ مترمربع خریداری از سید علی نظیری گلماهی مالک رسمی برابر رای شماره ۱۴۰۴۶۰۳۱۰۱۹۰۰۰۲۴۱۸-۱۴۰۴۶۰۳۱۰۱۹۰۰۰۲۴۱۸ مورخ ۱۴۰۴/۷/۸

۲۶۶۳فرعی آقای رضا کرم علی فرزند صمد نسبت به ششدانگ یک قطعه زمین با ساختمان به مساحت ۱۱۲ مترمربع خریداری از مالک رسمی برابر رای شماره ۱۴۰۴۶۰۳۱۰۱۹۰۰۰۴۷۶۸ مورخ ۱۴۰۴/۹/۱۹

۳۸۵۱فرعی آقای خانم آذرپناه کیانی فرزند نصرت الله نسبت به ششدانگ یک قطعه زمین با ساختمان به مساحت ۳۵۷/۶۲ مترمربع خریداری از غلامرضا عابدیان ورثه علی محمد مالک رسمی برابر رای شماره ۱۴۰۴۶۰۳۱۰۱۹۰۰۰۲۳۵۲ مورخ ۱۴۰۴/۵/۵

املاک متقاضیان واقع در فریدونکنار پلاک ۱۱۱ اصلی بخش ۲۰ فریدونکنار

۹۲۶فرعی آقای حسین بخشی فرزند علیرضا نسبت به ششدانگ یک قطعه زمین با بنا تلقک احداثی به مساحت ۳۶۶ مترمربع خریداری از مالک رسمی برابر رای شماره ۱۴۰۴۶۰۳۱۰۱۹۰۰۰۴۷۸۴ مورخ ۱۴۰۴/۹/۲۰

لذا به موجب ماده ۳ قانون تعیین تکلیف وضعیت ثبتی اراضی و ساختمانهای فاقد سند رسمی و ماده ۱۳ آئین نامه مربوطه این آگهی در دو نوبت به فاصله ۱۵ روز از طریق این روزنامه محلی / کثیرالانتشار در شهرها منتشر و در روستاها علاوه بر انتشار آگهی رای هیات اعلامیه فاذ شدن یا عدم موفق به تبلیغ به آرای اعلام شده اعتراض داشته باشند باید از تاریخ انتشار اولین آگهی و در روستاها از تاریخ الصاق در محل ظرف مدت ۲ ماه اعتراض خود را به اداره ثبت اسناد و املاک محل تسلیم و رسید اخذ نمایند. معترض باید ظرف مدت یک ماه از تاریخ تسلیم اعتراض مبادرت به تقدیم دادخواست به دادگاه عمومی محل نماید و گواهی تقدیم دادخواست به اداره ثبت ارائه نماید. در صورت انقضای مهلت مذکور و عدم وصول اعتراض طبق مقررات سند مالکیت صادر خواهد شد و صدور سند مالکیت مانع از مراجعه متضرر به دادگاه نیست.

تاریخ انتشار نوبت اول: ۱۴۰۴/۱۱/۱۰

تاریخ انتشار نوبت دوم: ۱۴۰۴/۱۱/۲۵

شناسه آگهی: ۲۱۰۹۸۶۱

علی اکبر کلارنجانی / رئیس اداره ثبت اسناد و املاک فریدونکنار

م.الف ۲۰۲۰
